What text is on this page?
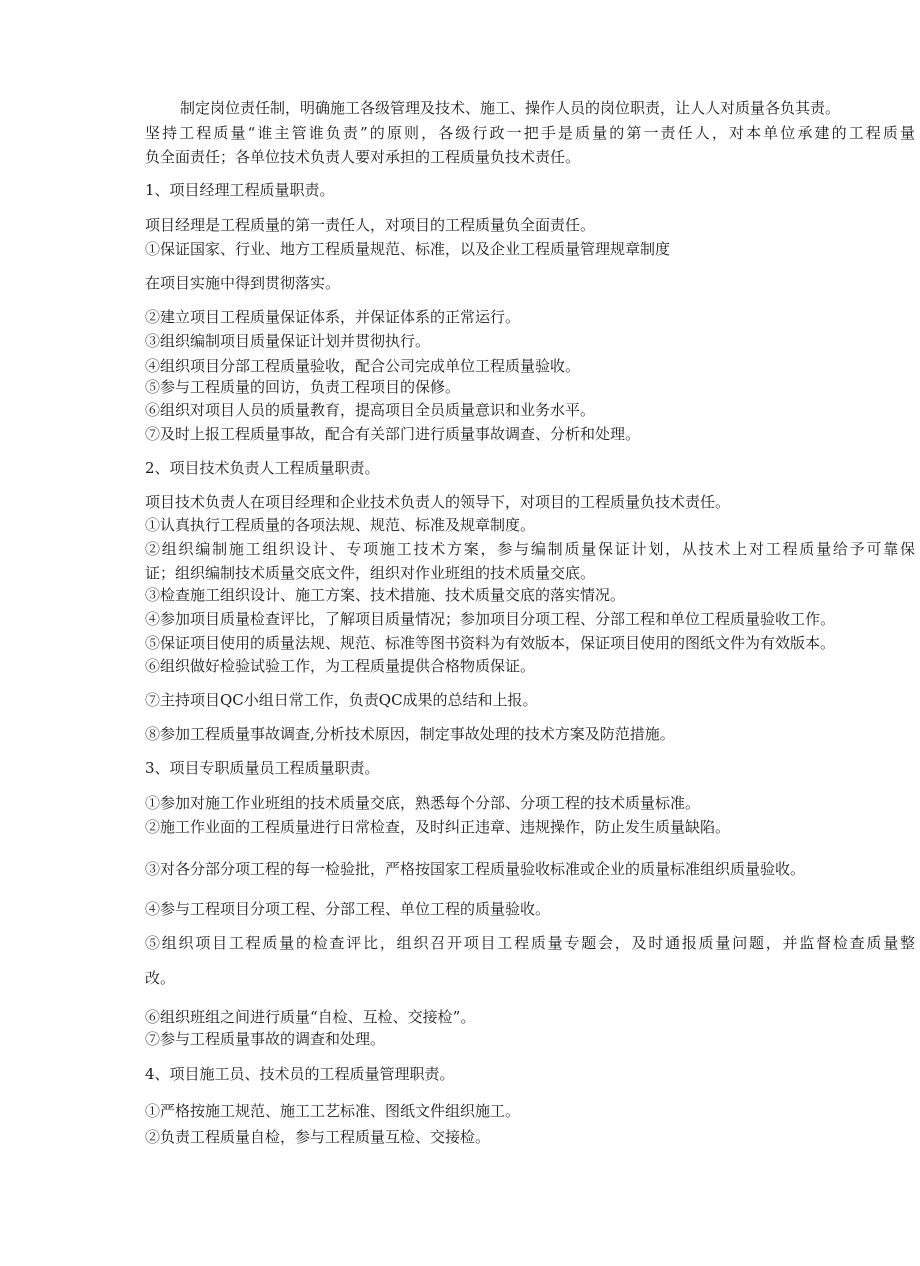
制定岗位责任制，明确施工各级管理及技术、施工、操作人员的岗位职责，让人人对质量各负其责。

坚持工程质量“谁主管谁负责”的原则，各级行政一把手是质量的第一责任人，对本单位承建的工程质量

负全面责任；各单位技术负责人要对承担的工程质量负技术责任。

1、项目经理工程质量职责。

项目经理是工程质量的第一责任人，对项目的工程质量负全面责任。

①保证国家、行业、地方工程质量规范、标准，以及企业工程质量管理规章制度

在项目实施中得到贯彻落实。

②建立项目工程质量保证体系，并保证体系的正常运行。

③组织编制项目质量保证计划并贯彻执行。

④组织项目分部工程质量验收，配合公司完成单位工程质量验收。

⑤参与工程质量的回访，负责工程项目的保修。

⑥组织对项目人员的质量教育，提高项目全员质量意识和业务水平。

⑦及时上报工程质量事故，配合有关部门进行质量事故调查、分析和处理。

2、项目技术负责人工程质量职责。

项目技术负责人在项目经理和企业技术负责人的领导下，对项目的工程质量负技术责任。

①认真执行工程质量的各项法规、规范、标准及规章制度。

②组织编制施工组织设计、专项施工技术方案，参与编制质量保证计划，从技术上对工程质量给予可靠保

证；组织编制技术质量交底文件，组织对作业班组的技术质量交底。

③检查施工组织设计、施工方案、技术措施、技术质量交底的落实情况。

④参加项目质量检查评比，了解项目质量情况；参加项目分项工程、分部工程和单位工程质量验收工作。

⑤保证项目使用的质量法规、规范、标准等图书资料为有效版本，保证项目使用的图纸文件为有效版本。

⑥组织做好检验试验工作，为工程质量提供合格物质保证。

⑦主持项目QC小组日常工作，负责QC成果的总结和上报。

⑧参加工程质量事故调查,分析技术原因，制定事故处理的技术方案及防范措施。

3、项目专职质量员工程质量职责。

①参加对施工作业班组的技术质量交底，熟悉每个分部、分项工程的技术质量标准。

②施工作业面的工程质量进行日常检查，及时纠正违章、违规操作，防止发生质量缺陷。

③对各分部分项工程的每一检验批，严格按国家工程质量验收标准或企业的质量标准组织质量验收。

④参与工程项目分项工程、分部工程、单位工程的质量验收。

⑤组织项目工程质量的检查评比，组织召开项目工程质量专题会，及时通报质量问题，并监督检查质量整

改。

⑥组织班组之间进行质量“自检、互检、交接检”。

⑦参与工程质量事故的调查和处理。

4、项目施工员、技术员的工程质量管理职责。

①严格按施工规范、施工工艺标准、图纸文件组织施工。

②负责工程质量自检，参与工程质量互检、交接检。
